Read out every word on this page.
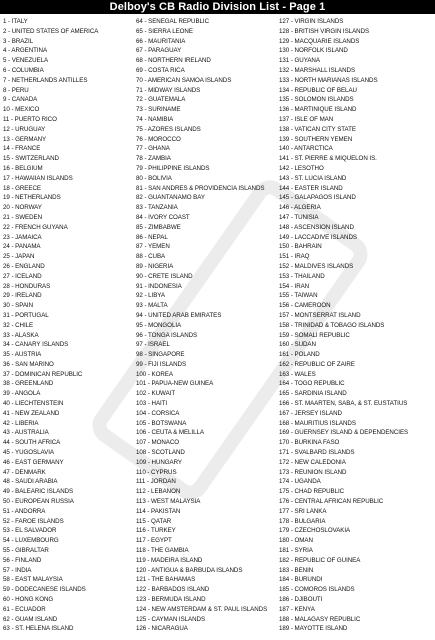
Delboy's CB Radio Division List - Page 1
1 - ITALY
2 - UNITED STATES OF AMERICA
3 - BRAZIL
4 - ARGENTINA
5 - VENEZUELA
6 - COLUMBIA
7 - NETHERLANDS ANTILLES
8 - PERU
9 - CANADA
10 - MEXICO
11 - PUERTO RICO
12 - URUGUAY
13 - GERMANY
14 - FRANCE
15 - SWITZERLAND
16 - BELGIUM
17 - HAWAIIAN ISLANDS
18 - GREECE
19 - NETHERLANDS
20 - NORWAY
21 - SWEDEN
22 - FRENCH GUYANA
23 - JAMAICA
24 - PANAMA
25 - JAPAN
26 - ENGLAND
27 - ICELAND
28 - HONDURAS
29 - IRELAND
30 - SPAIN
31 - PORTUGAL
32 - CHILE
33 - ALASKA
34 - CANARY ISLANDS
35 - AUSTRIA
36 - SAN MARINO
37 - DOMINICAN REPUBLIC
38 - GREENLAND
39 - ANGOLA
40 - LIECHTENSTEIN
41 - NEW ZEALAND
42 - LIBERIA
43 - AUSTRALIA
44 - SOUTH AFRICA
45 - YUGOSLAVIA
46 - EAST GERMANY
47 - DENMARK
48 - SAUDI ARABIA
49 - BALEARIC ISLANDS
50 - EUROPEAN RUSSIA
51 - ANDORRA
52 - FAROE ISLANDS
53 - EL SALVADOR
54 - LUXEMBOURG
55 - GIBRALTAR
56 - FINLAND
57 - INDIA
58 - EAST MALAYSIA
59 - DODECANESE ISLANDS
60 - HONG KONG
61 - ECUADOR
62 - GUAM ISLAND
63 - ST. HELENA ISLAND
64 - SENEGAL REPUBLIC
65 - SIERRA LEONE
66 - MAURITANIA
67 - PARAGUAY
68 - NORTHERN IRELAND
69 - COSTA RICA
70 - AMERICAN SAMOA ISLANDS
71 - MIDWAY ISLANDS
72 - GUATEMALA
73 - SURINAME
74 - NAMIBIA
75 - AZORES ISLANDS
76 - MOROCCO
77 - GHANA
78 - ZAMBIA
79 - PHILIPPINE ISLANDS
80 - BOLIVIA
81 - SAN ANDRES & PROVIDENCIA ISLANDS
82 - GUANTANAMO BAY
83 - TANZANIA
84 - IVORY COAST
85 - ZIMBABWE
86 - NEPAL
87 - YEMEN
88 - CUBA
89 - NIGERIA
90 - CRETE ISLAND
91 - INDONESIA
92 - LIBYA
93 - MALTA
94 - UNITED ARAB EMIRATES
95 - MONGOLIA
96 - TONGA ISLANDS
97 - ISRAEL
98 - SINGAPORE
99 - FIJI ISLANDS
100 - KOREA
101 - PAPUA-NEW GUINEA
102 - KUWAIT
103 - HAITI
104 - CORSICA
105 - BOTSWANA
106 - CEUTA & MELILLA
107 - MONACO
108 - SCOTLAND
109 - HUNGARY
110 - CYPRUS
111 - JORDAN
112 - LEBANON
113 - WEST MALAYSIA
114 - PAKISTAN
115 - QATAR
116 - TURKEY
117 - EGYPT
118 - THE GAMBIA
119 - MADEIRA ISLAND
120 - ANTIGUA & BARBUDA ISLANDS
121 - THE BAHAMAS
122 - BARBADOS ISLAND
123 - BERMUDA ISLAND
124 - NEW AMSTERDAM & ST. PAUL ISLANDS
125 - CAYMAN ISLANDS
126 - NICARAGUA
127 - VIRGIN ISLANDS
128 - BRITISH VIRGIN ISLANDS
129 - MACQUARIE ISLANDS
130 - NORFOLK ISLAND
131 - GUYANA
132 - MARSHALL ISLANDS
133 - NORTH MARIANAS ISLANDS
134 - REPUBLIC OF BELAU
135 - SOLOMON ISLANDS
136 - MARTINIQUE ISLAND
137 - ISLE OF MAN
138 - VATICAN CITY STATE
139 - SOUTHERN YEMEN
140 - ANTARCTICA
141 - ST. PIERRE & MIQUELON IS.
142 - LESOTHO
143 - ST. LUCIA ISLAND
144 - EASTER ISLAND
145 - GALAPAGOS ISLAND
146 - ALGERIA
147 - TUNISIA
148 - ASCENSION ISLAND
149 - LACCADIVE ISLANDS
150 - BAHRAIN
151 - IRAQ
152 - MALDIVES ISLANDS
153 - THAILAND
154 - IRAN
155 - TAIWAN
156 - CAMEROON
157 - MONTSERRAT ISLAND
158 - TRINIDAD & TOBAGO ISLANDS
159 - SOMALI REPUBLIC
160 - SUDAN
161 - POLAND
162 - REPUBLIC OF ZAIRE
163 - WALES
164 - TOGO REPUBLIC
165 - SARDINIA ISLAND
166 - ST. MAARTEN, SABA, & ST. EUSTATIUS
167 - JERSEY ISLAND
168 - MAURITIUS ISLANDS
169 - GUERNSEY ISLAND & DEPENDENCIES
170 - BURKINA FASO
171 - SVALBARD ISLANDS
172 - NEW CALEDONIA
173 - REUNION ISLAND
174 - UGANDA
175 - CHAD REPUBLIC
176 - CENTRAL AFRICAN REPUBLIC
177 - SRI LANKA
178 - BULGARIA
179 - CZECHOSLOVAKIA
180 - OMAN
181 - SYRIA
182 - REPUBLIC OF GUINEA
183 - BENIN
184 - BURUNDI
185 - COMOROS ISLANDS
186 - DJIBOUTI
187 - KENYA
188 - MALAGASY REPUBLIC
189 - MAYOTTE ISLAND
